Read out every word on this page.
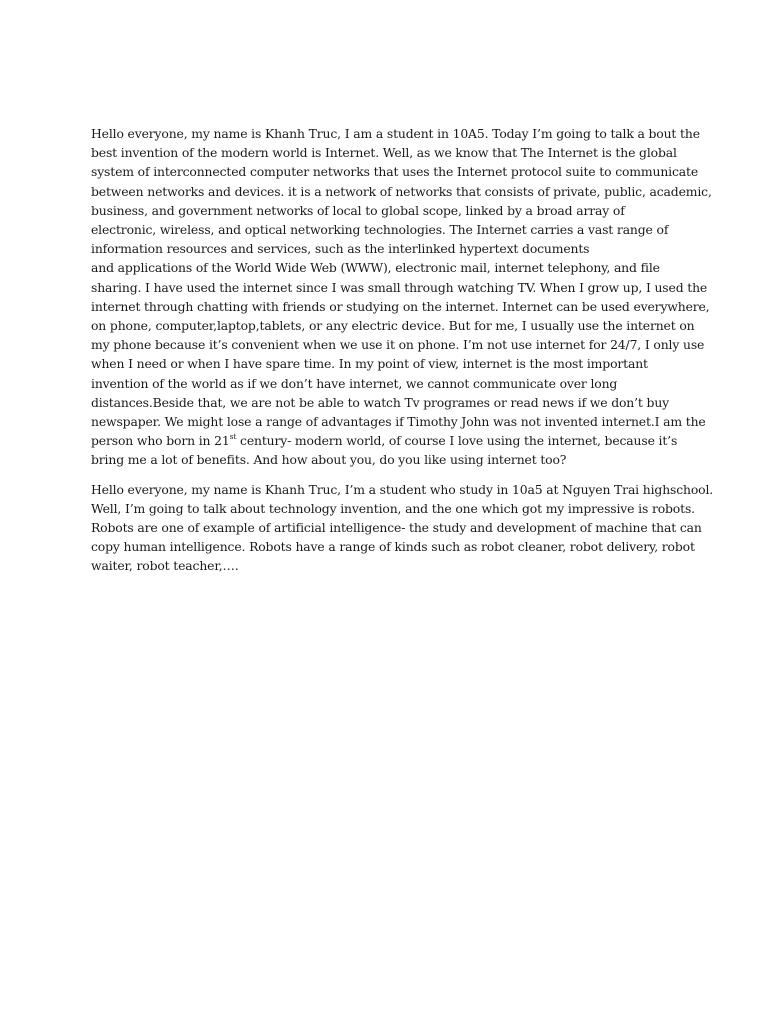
Hello everyone, my name is Khanh Truc, I am a student in 10A5. Today I’m going to talk a bout the
best invention of the modern world is Internet. Well, as we know that The Internet is the global
system of interconnected computer networks that uses the Internet protocol suite to communicate
between networks and devices. it is a network of networks that consists of private, public, academic,
business, and government networks of local to global scope, linked by a broad array of
electronic, wireless, and optical networking technologies. The Internet carries a vast range of
information resources and services, such as the interlinked hypertext documents
and applications of the World Wide Web (WWW), electronic mail, internet telephony, and file
sharing. I have used the internet since I was small through watching TV. When I grow up, I used the
internet through chatting with friends or studying on the internet. Internet can be used everywhere,
on phone, computer,laptop,tablets, or any electric device. But for me, I usually use the internet on
my phone because it’s convenient when we use it on phone. I’m not use internet for 24/7, I only use
when I need or when I have spare time. In my point of view, internet is the most important
invention of the world as if we don’t have internet, we cannot communicate over long
distances.Beside that, we are not be able to watch Tv programes or read news if we don’t buy
newspaper. We might lose a range of advantages if Timothy John was not invented internet.I am the
person who born in 21st century- modern world, of course I love using the internet, because it’s
bring me a lot of benefits. And how about you, do you like using internet too?

Hello everyone, my name is Khanh Truc, I’m a student who study in 10a5 at Nguyen Trai highschool.
Well, I’m going to talk about technology invention, and the one which got my impressive is robots.
Robots are one of example of artificial intelligence- the study and development of machine that can
copy human intelligence. Robots have a range of kinds such as robot cleaner, robot delivery, robot
waiter, robot teacher,….
